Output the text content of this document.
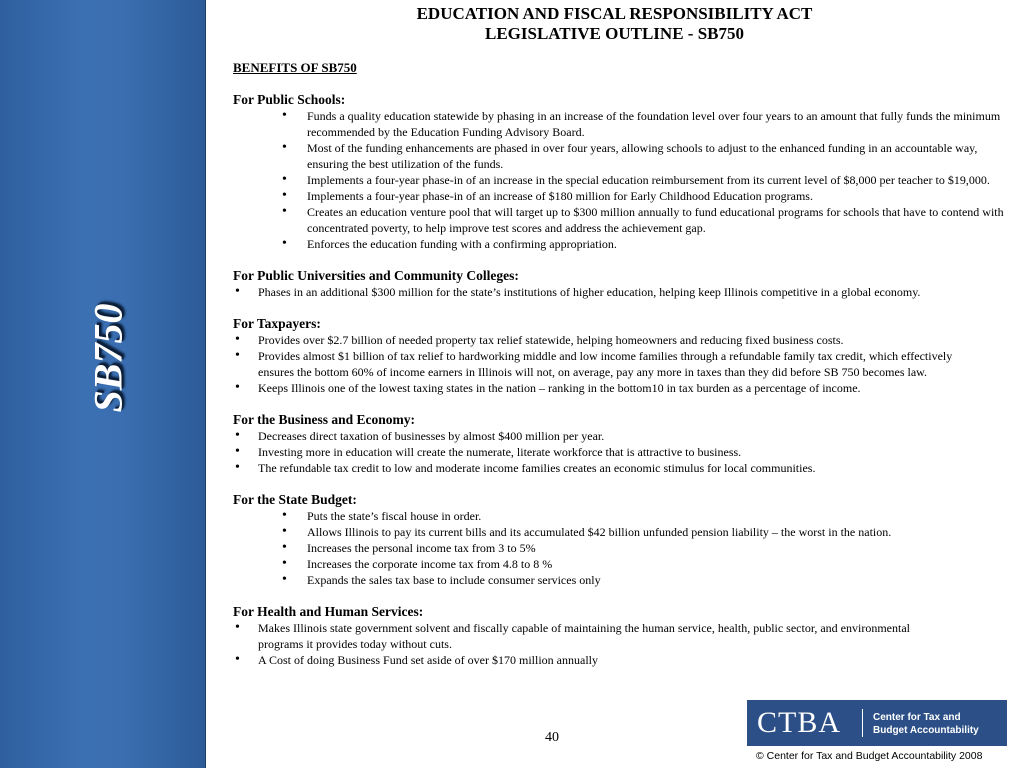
SB750
EDUCATION AND FISCAL RESPONSIBILITY ACT
LEGISLATIVE OUTLINE - SB750
BENEFITS OF SB750
For Public Schools:
• Funds a quality education statewide by phasing in an increase of the foundation level over four years to an amount that fully funds the minimum recommended by the Education Funding Advisory Board.
• Most of the funding enhancements are phased in over four years, allowing schools to adjust to the enhanced funding in an accountable way, ensuring the best utilization of the funds.
• Implements a four-year phase-in of an increase in the special education reimbursement from its current level of $8,000 per teacher to $19,000.
• Implements a four-year phase-in of an increase of $180 million for Early Childhood Education programs.
• Creates an education venture pool that will target up to $300 million annually to fund educational programs for schools that have to contend with concentrated poverty, to help improve test scores and address the achievement gap.
• Enforces the education funding with a confirming appropriation.
For Public Universities and Community Colleges:
• Phases in an additional $300 million for the state’s institutions of higher education, helping keep Illinois competitive in a global economy.
For Taxpayers:
• Provides over $2.7 billion of needed property tax relief statewide, helping homeowners and reducing fixed business costs.
• Provides almost $1 billion of tax relief to hardworking middle and low income families through a refundable family tax credit, which effectively ensures the bottom 60% of income earners in Illinois will not, on average, pay any more in taxes than they did before SB 750 becomes law.
• Keeps Illinois one of the lowest taxing states in the nation – ranking in the bottom10 in tax burden as a percentage of income.
For the Business and Economy:
• Decreases direct taxation of businesses by almost $400 million per year.
• Investing more in education will create the numerate, literate workforce that is attractive to business.
• The refundable tax credit to low and moderate income families creates an economic stimulus for local communities.
For the State Budget:
• Puts the state’s fiscal house in order.
• Allows Illinois to pay its current bills and its accumulated $42 billion unfunded pension liability – the worst in the nation.
• Increases the personal income tax from 3 to 5%
• Increases the corporate income tax from 4.8 to 8 %
• Expands the sales tax base to include consumer services only
For Health and Human Services:
• Makes Illinois state government solvent and fiscally capable of maintaining the human service, health, public sector, and environmental programs it provides today without cuts.
• A Cost of doing Business Fund set aside of over $170 million annually
40	CTBA	Center for Tax and
Budget Accountability
© Center for Tax and Budget Accountability 2008
